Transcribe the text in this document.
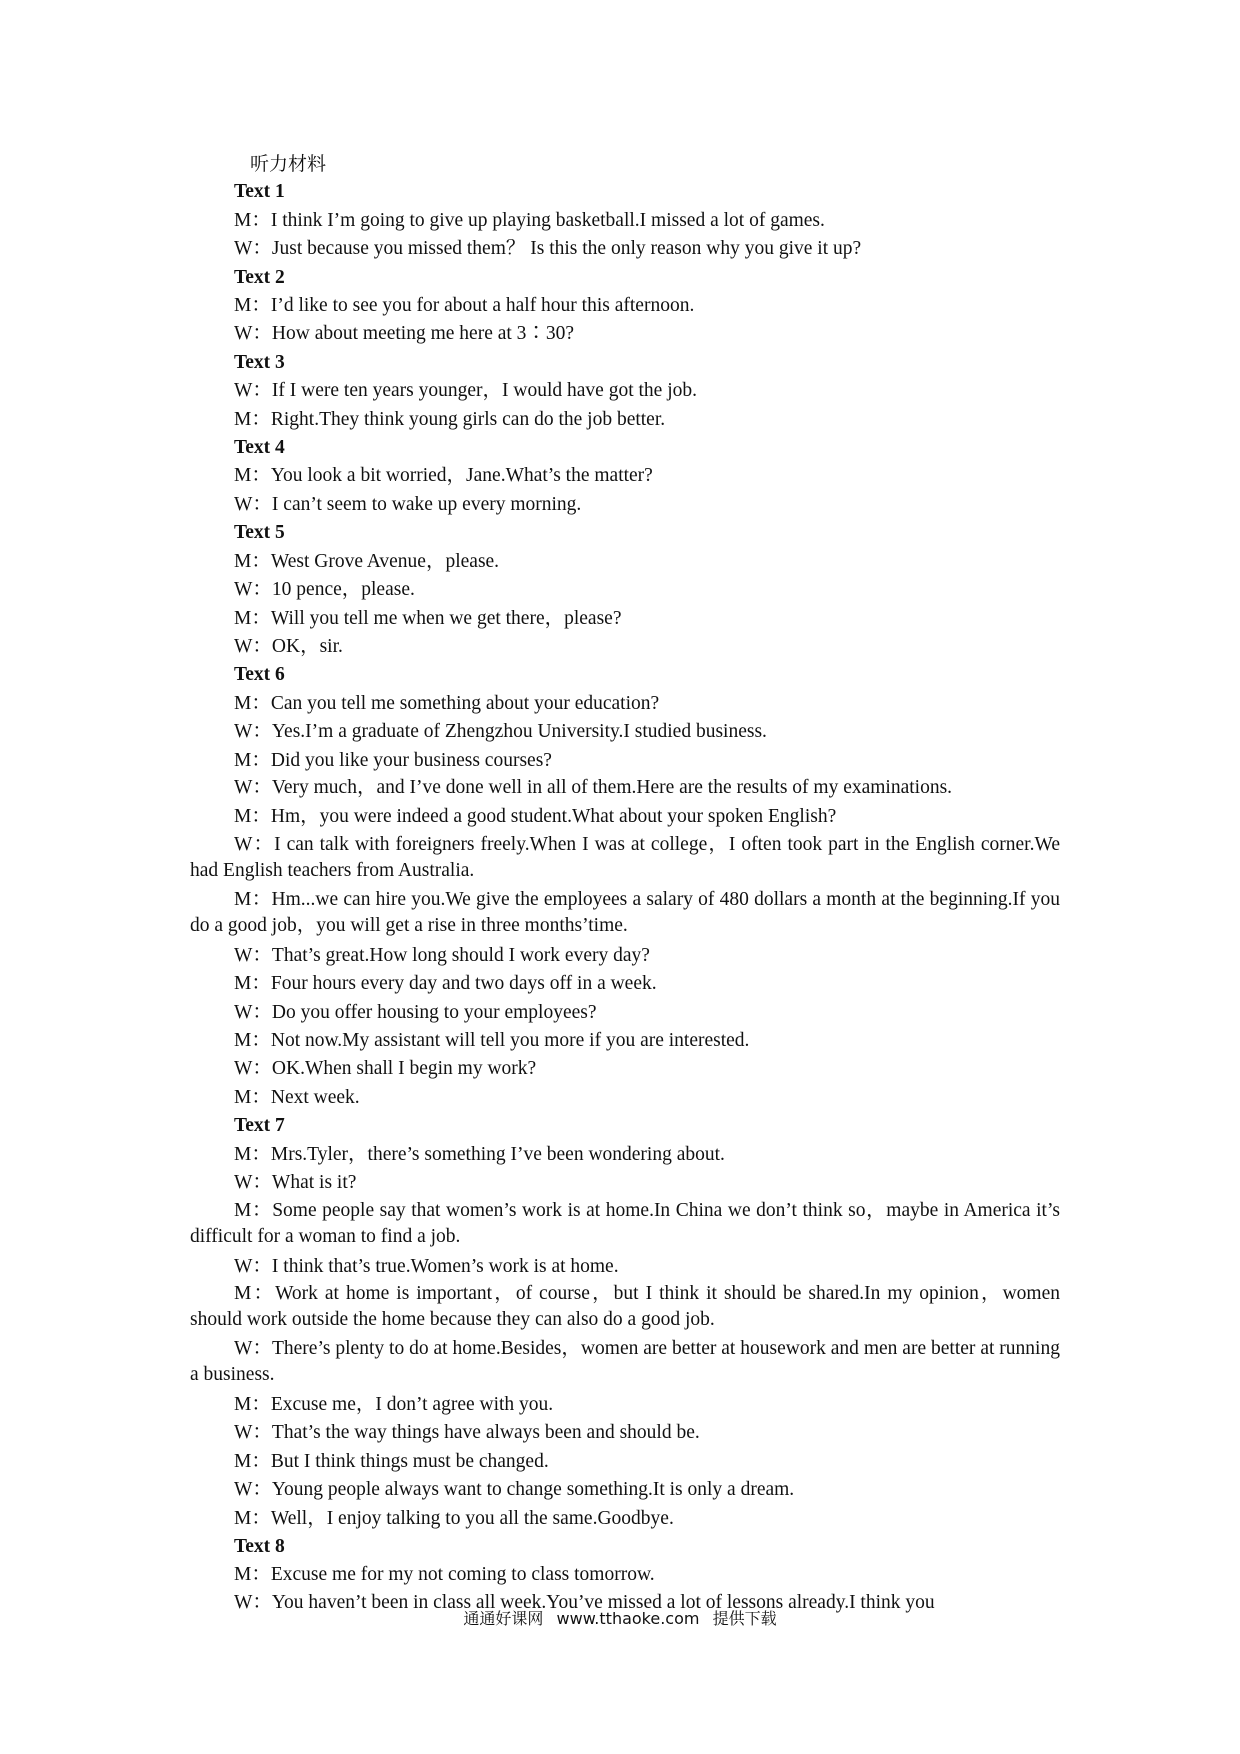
听力材料
Text 1
M：I think I’m going to give up playing basketball.I missed a lot of games.
W：Just because you missed them？ Is this the only reason why you give it up?
Text 2
M：I’d like to see you for about a half hour this afternoon.
W：How about meeting me here at 3∶30?
Text 3
W：If I were ten years younger，I would have got the job.
M：Right.They think young girls can do the job better.
Text 4
M：You look a bit worried，Jane.What’s the matter?
W：I can’t seem to wake up every morning.
Text 5
M：West Grove Avenue，please.
W：10 pence，please.
M：Will you tell me when we get there，please?
W：OK，sir.
Text 6
M：Can you tell me something about your education?
W：Yes.I’m a graduate of Zhengzhou University.I studied business.
M：Did you like your business courses?
W：Very much，and I’ve done well in all of them.Here are the results of my examinations.
M：Hm，you were indeed a good student.What about your spoken English?
W：I can talk with foreigners freely.When I was at college，I often took part in the English corner.We had English teachers from Australia.
M：Hm...we can hire you.We give the employees a salary of 480 dollars a month at the beginning.If you do a good job，you will get a rise in three months’time.
W：That’s great.How long should I work every day?
M：Four hours every day and two days off in a week.
W：Do you offer housing to your employees?
M：Not now.My assistant will tell you more if you are interested.
W：OK.When shall I begin my work?
M：Next week.
Text 7
M：Mrs.Tyler，there’s something I’ve been wondering about.
W：What is it?
M：Some people say that women’s work is at home.In China we don’t think so，maybe in America it’s difficult for a woman to find a job.
W：I think that’s true.Women’s work is at home.
M：Work at home is important，of course，but I think it should be shared.In my opinion，women should work outside the home because they can also do a good job.
W：There’s plenty to do at home.Besides，women are better at housework and men are better at running a business.
M：Excuse me，I don’t agree with you.
W：That’s the way things have always been and should be.
M：But I think things must be changed.
W：Young people always want to change something.It is only a dream.
M：Well，I enjoy talking to you all the same.Goodbye.
Text 8
M：Excuse me for my not coming to class tomorrow.
W：You haven’t been in class all week.You’ve missed a lot of lessons already.I think you
通通好课网 www.tthaoke.com 提供下载
